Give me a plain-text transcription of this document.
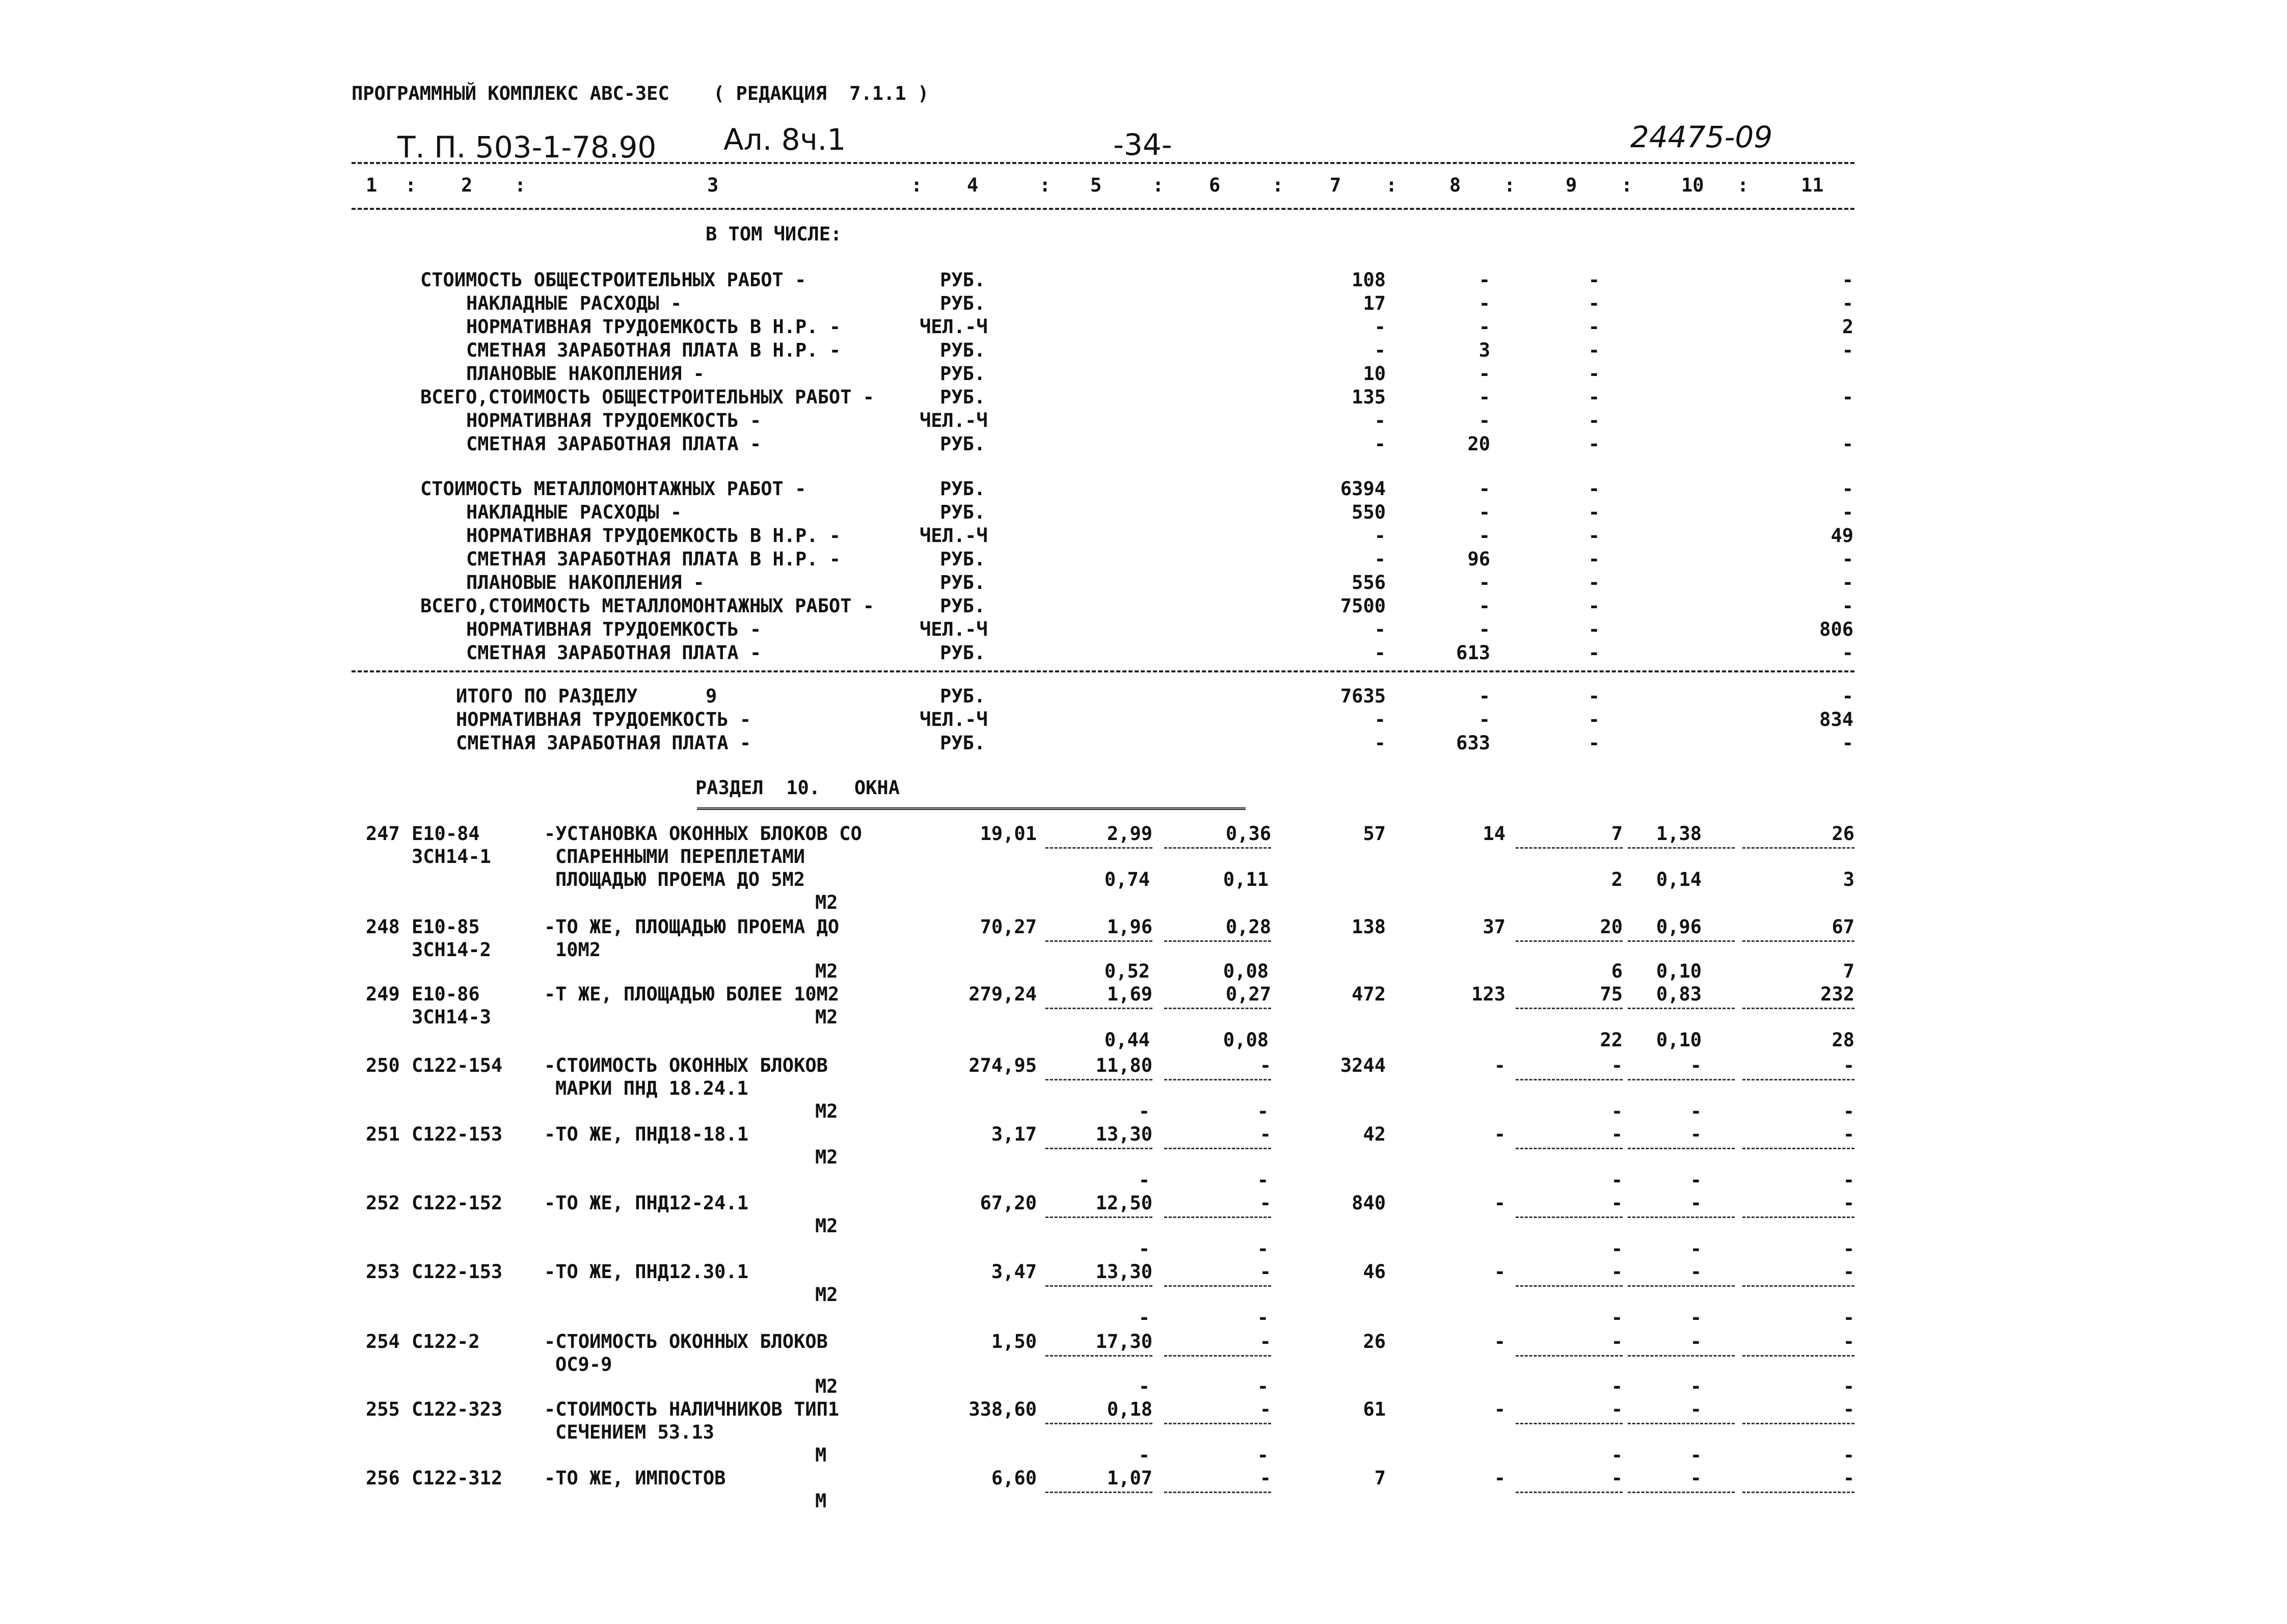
ПРОГРАММНЫЙ КОМПЛЕКС АВС-ЗЕС ( РЕДАКЦИЯ  7.1.1 )
Т. П. 503-1-78.90 Ал. 8ч.1	-34-	24475-09
1	2	3	4	5	6	7	8	9	10	11
:	:	:	:	:	:	:	:	:	:
В ТОМ ЧИСЛЕ:
СТОИМОСТЬ ОБЩЕСТРОИТЕЛЬНЫХ РАБОТ -	РУБ.	108	-	-	-
НАКЛАДНЫЕ РАСХОДЫ -	РУБ.	17	-	-	-
НОРМАТИВНАЯ ТРУДОЕМКОСТЬ В Н.Р. -	ЧЕЛ.-Ч	-	-	-	2
СМЕТНАЯ ЗАРАБОТНАЯ ПЛАТА В Н.Р. -	РУБ.	-	3	-	-
ПЛАНОВЫЕ НАКОПЛЕНИЯ -	РУБ.	10	-	-
ВСЕГО,СТОИМОСТЬ ОБЩЕСТРОИТЕЛЬНЫХ РАБОТ -	РУБ.	135	-	-	-
НОРМАТИВНАЯ ТРУДОЕМКОСТЬ -	ЧЕЛ.-Ч	-	-	-
СМЕТНАЯ ЗАРАБОТНАЯ ПЛАТА -	РУБ.	-	20	-	-
СТОИМОСТЬ МЕТАЛЛОМОНТАЖНЫХ РАБОТ -	РУБ.	6394	-	-	-
НАКЛАДНЫЕ РАСХОДЫ -	РУБ.	550	-	-	-
НОРМАТИВНАЯ ТРУДОЕМКОСТЬ В Н.Р. -	ЧЕЛ.-Ч	-	-	-	49
СМЕТНАЯ ЗАРАБОТНАЯ ПЛАТА В Н.Р. -	РУБ.	-	96	-	-
ПЛАНОВЫЕ НАКОПЛЕНИЯ -	РУБ.	556	-	-	-
ВСЕГО,СТОИМОСТЬ МЕТАЛЛОМОНТАЖНЫХ РАБОТ -	РУБ.	7500	-	-	-
НОРМАТИВНАЯ ТРУДОЕМКОСТЬ -	ЧЕЛ.-Ч	-	-	-	806
СМЕТНАЯ ЗАРАБОТНАЯ ПЛАТА -	РУБ.	-	613	-	-
ИТОГО ПО РАЗДЕЛУ	9	РУБ.	7635	-	-	-
НОРМАТИВНАЯ ТРУДОЕМКОСТЬ -	ЧЕЛ.-Ч	-	-	-	834
СМЕТНАЯ ЗАРАБОТНАЯ ПЛАТА -	РУБ.	-	633	-	-
РАЗДЕЛ  10.   ОКНА
247 Е10-84
ЗСН14-1
-УСТАНОВКА ОКОННЫХ БЛОКОВ СО
СПАРЕННЫМИ ПЕРЕПЛЕТАМИ
ПЛОЩАДЬЮ ПРОЕМА ДО 5М2
М2
19,01	2,99	0,36	57	14	7	1,38	26
0,74	0,11	2	0,14	3
248 Е10-85
ЗСН14-2
-ТО ЖЕ, ПЛОЩАДЬЮ ПРОЕМА ДО
10М2
М2
70,27	1,96	0,28	138	37	20	0,96	67
0,52	0,08	6	0,10	7
249 Е10-86
ЗСН14-3
-Т ЖЕ, ПЛОЩАДЬЮ БОЛЕЕ 10М2
М2
279,24	1,69	0,27	472	123	75	0,83	232
0,44	0,08	22	0,10	28
250 С122-154 -СТОИМОСТЬ ОКОННЫХ БЛОКОВ
МАРКИ ПНД 18.24.1
М2
274,95	11,80	-	3244	-	-	-	-
-	-	-	-	-
251 С122-153 -ТО ЖЕ, ПНД18-18.1
М2
3,17	13,30	-	42	-	-	-	-
-	-	-	-	-
252 С122-152 -ТО ЖЕ, ПНД12-24.1
М2
67,20	12,50	-	840	-	-	-	-
-	-	-	-	-
253 С122-153 -ТО ЖЕ, ПНД12.30.1
М2
3,47	13,30	-	46	-	-	-	-
-	-	-	-	-
254 С122-2	-СТОИМОСТЬ ОКОННЫХ БЛОКОВ
ОС9-9
М2
1,50	17,30	-	26	-	-	-	-
-	-	-	-	-
255 С122-323 -СТОИМОСТЬ НАЛИЧНИКОВ ТИП1
СЕЧЕНИЕМ 53.13
М
338,60	0,18	-	61	-	-	-	-
-	-	-	-	-
256 С122-312 -ТО ЖЕ, ИМПОСТОВ
М
6,60	1,07	-	7	-	-	-	-
